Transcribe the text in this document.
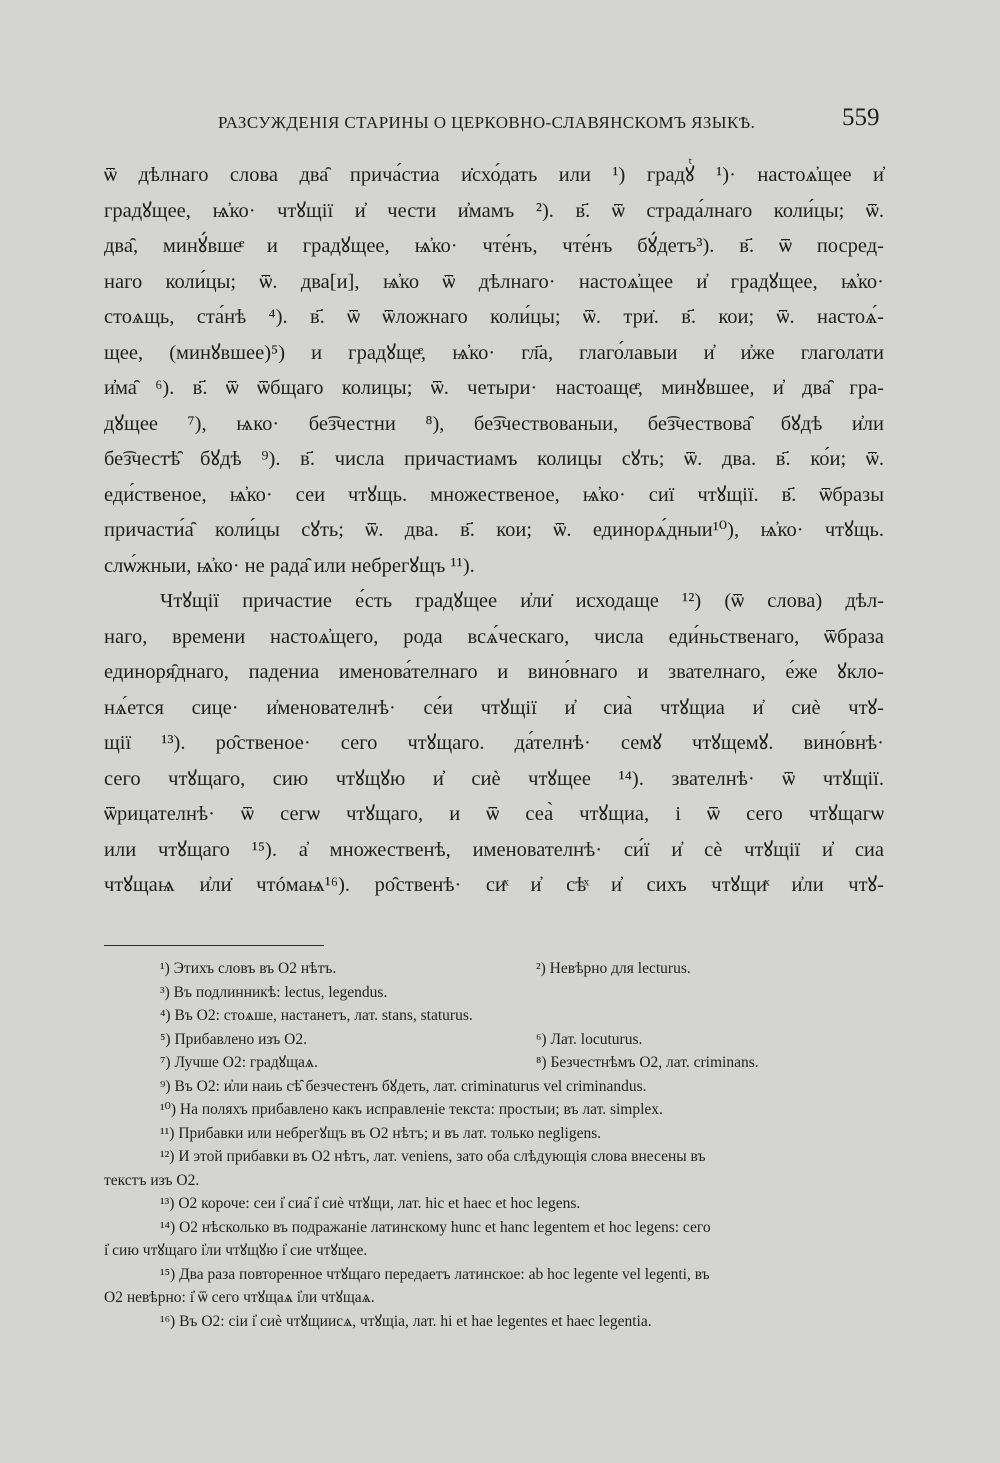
РАЗСУЖДЕНІЯ СТАРИНЫ О ЦЕРКОВНО-СЛАВЯНСКОМЪ ЯЗЫКѢ.	559
ѿ дѣлнаго слова два̑ прича́стиа и̇схо́дать или ¹) градꙋͭ ¹)· настоѧ҆щее и҆
градꙋщее, ѩ҆ко· чтꙋщії и҆ чести и҆мамъ ²). в҃. ѿ страда́лнаго коли́цы; ѿ.
два̑, минꙋ́вшеͤ и градꙋщее, ѩ҆ко· чте́нъ, чте́нъ бꙋ́детъ³). в҃. ѿ посред-
наго коли́цы; ѿ. два[и], ѩ҆ко ѿ дѣлнаго· настоѧ҆щее и҆ градꙋщее, ѩ҆ко·
стоѧщь, ста́нѣ ⁴). в҃. ѿ ѿложнаго коли́цы; ѿ. три̇. в҃. кои; ѿ. настоѧ́-
щее, (минꙋвшее)⁵) и градꙋщеͤ, ѩ҆ко· гл҃а, глаго́лавыи и҆ и҆же глаголати
и҆ма̑ ⁶). в҃. ѿ ѿбщаго колицы; ѿ. четыри· настоащеͤ, минꙋвшее, и҆ два̑ гра-
дꙋщее ⁷), ѩко· бе͡зчестни ⁸), бе͡зчествованыи, бе͡зчествова̑ бꙋдѣ и҆ли
бе͡зчестѣ̑ бꙋдѣ ⁹). в҃. числа причастиамъ колицы сꙋть; ѿ. два. в҃. ко́и; ѿ.
еди́ственое, ѩ҆ко· сеи чтꙋщь. множественое, ѩ҆ко· сиї чтꙋщії. в҃. ѿбразы
причасти́а̑ коли́цы сꙋть; ѿ. два. в҃. кои; ѿ. единорѧ́дныи¹⁰), ѩ҆ко· чтꙋщь.
слѡ́жныи, ѩ҆ко· не рада̑ или небрегꙋщъ ¹¹).
Чтꙋщії причастие е́сть градꙋщее и҆ли̇ исходаще ¹²) (ѿ слова) дѣл-
наго, времени настоѧ҆щего, рода всѧ́ческаго, числа еди́ньственаго, ѿбраза
единоря̑днаго, падениа именова́телнаго и вино́внаго и звателнаго, е́же ꙋклo-
нѧ́ется сице· и҆менователнѣ· се́и чтꙋщії и҆ сиа̀ чтꙋщиа и҆ сиѐ чтꙋ-
щії ¹³). ро̑ственое· сего чтꙋщаго. да́телнѣ· семꙋ чтꙋщемꙋ. вино́внѣ·
сего чтꙋщаго, сию чтꙋщꙋю и҆ сиѐ чтꙋщее ¹⁴). звателнѣ· ѿ чтꙋщії.
ѿрицателнѣ· ѿ сегѡ чтꙋщаго, и ѿ сеа̀ чтꙋщиа, і ѿ сего чтꙋщагѡ
или чтꙋщаго ¹⁵). а҆ множественѣ, именователнѣ· си́ї и҆ сѐ чтꙋщії и҆ сиа
чтꙋщаѩ и҆ли̇ чтóмаѩ¹⁶). ро̑ственѣ· сиͯ и҆ сѣͯ и҆ сихъ чтꙋщиͯ и҆ли чтꙋ-
¹) Этихъ словъ въ О2 нѣтъ.	²) Невѣрно для lecturus.
³) Въ подлинникѣ: lectus, legendus.
⁴) Въ О2: стоѧше, настанетъ, лат. stans, staturus.
⁵) Прибавлено изъ О2.	⁶) Лат. locuturus.
⁷) Лучше О2: градꙋщаѧ.	⁸) Безчестнѣмъ О2, лат. criminans.
⁹) Въ О2: и҆ли наиь сѣ̑ безчестенъ бꙋдеть, лат. criminaturus vel criminandus.
¹⁰) На поляхъ прибавлено какъ исправленіе текста: простыи; въ лат. simplex.
¹¹) Прибавки или небрегꙋщъ въ О2 нѣтъ; и въ лат. только negligens.
¹²) И этой прибавки въ О2 нѣтъ, лат. veniens, зато оба слѣдующія слова внесены въ
текстъ изъ О2.
¹³) О2 короче: сеи і҆ сиа̑ і҆ сиѐ чтꙋщи, лат. hic et haec et hoc legens.
¹⁴) О2 нѣсколько въ подражаніе латинскому hunc et hanc legentem et hoc legens: сего
і҆ сию чтꙋщаго і҆ли чтꙋщꙋю і҆ сие чтꙋщее.
¹⁵) Два раза повторенное чтꙋщаго передаетъ латинское: ab hoc legente vel legenti, въ
О2 невѣрно: і҆ ѿ сего чтꙋщаѧ і҆ли чтꙋщаѧ.
¹⁶) Въ О2: сіи і҆ сиѐ чтꙋщиисѧ, чтꙋщіа, лат. hi et hae legentes et haec legentia.
